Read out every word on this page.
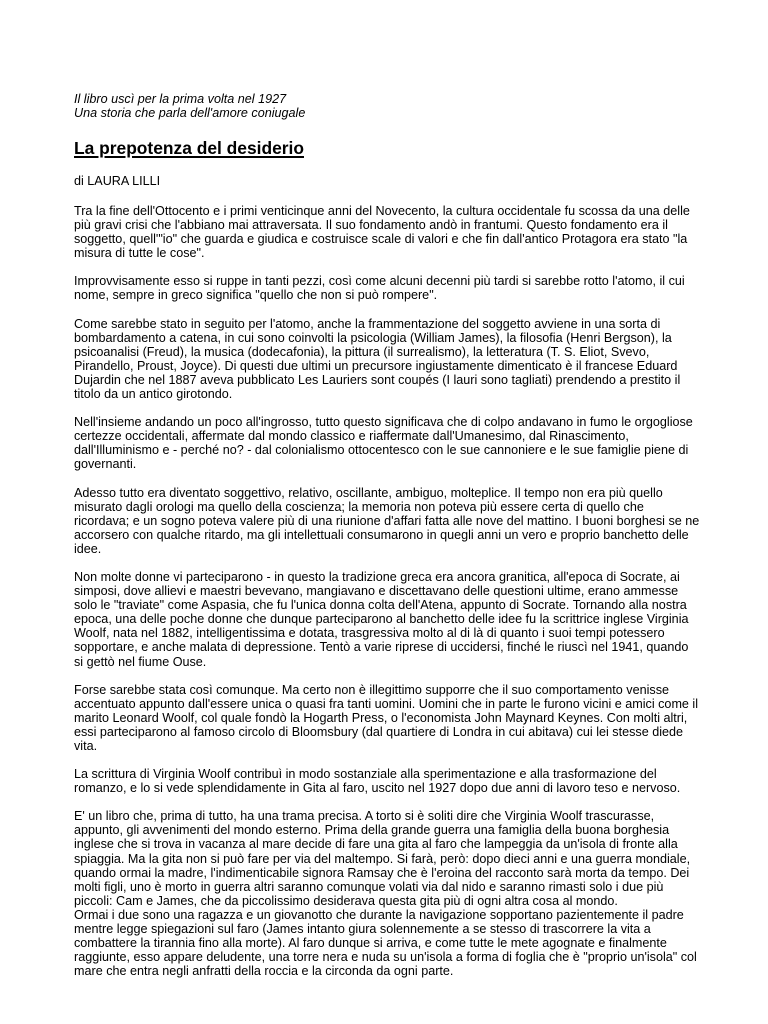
Il libro uscì per la prima volta nel 1927
Una storia che parla dell'amore coniugale
La prepotenza del desiderio
di LAURA LILLI

Tra la fine dell'Ottocento e i primi venticinque anni del Novecento, la cultura occidentale fu scossa da una delle più gravi crisi che l'abbiano mai attraversata. Il suo fondamento andò in frantumi. Questo fondamento era il soggetto, quell'"io" che guarda e giudica e costruisce scale di valori e che fin dall'antico Protagora era stato "la misura di tutte le cose".

Improvvisamente esso si ruppe in tanti pezzi, così come alcuni decenni più tardi si sarebbe rotto l'atomo, il cui nome, sempre in greco significa "quello che non si può rompere".

Come sarebbe stato in seguito per l'atomo, anche la frammentazione del soggetto avviene in una sorta di bombardamento a catena, in cui sono coinvolti la psicologia (William James), la filosofia (Henri Bergson), la psicoanalisi (Freud), la musica (dodecafonia), la pittura (il surrealismo), la letteratura (T. S. Eliot, Svevo, Pirandello, Proust, Joyce). Di questi due ultimi un precursore ingiustamente dimenticato è il francese Eduard Dujardin che nel 1887 aveva pubblicato Les Lauriers sont coupés (I lauri sono tagliati) prendendo a prestito il titolo da un antico girotondo.

Nell'insieme andando un poco all'ingrosso, tutto questo significava che di colpo andavano in fumo le orgogliose certezze occidentali, affermate dal mondo classico e riaffermate dall'Umanesimo, dal Rinascimento, dall'Illuminismo e - perché no? - dal colonialismo ottocentesco con le sue cannoniere e le sue famiglie piene di governanti.

Adesso tutto era diventato soggettivo, relativo, oscillante, ambiguo, molteplice. Il tempo non era più quello misurato dagli orologi ma quello della coscienza; la memoria non poteva più essere certa di quello che ricordava; e un sogno poteva valere più di una riunione d'affari fatta alle nove del mattino. I buoni borghesi se ne accorsero con qualche ritardo, ma gli intellettuali consumarono in quegli anni un vero e proprio banchetto delle idee.

Non molte donne vi parteciparono - in questo la tradizione greca era ancora granitica, all'epoca di Socrate, ai simposi, dove allievi e maestri bevevano, mangiavano e discettavano delle questioni ultime, erano ammesse solo le "traviate" come Aspasia, che fu l'unica donna colta dell'Atena, appunto di Socrate. Tornando alla nostra epoca, una delle poche donne che dunque parteciparono al banchetto delle idee fu la scrittrice inglese Virginia Woolf, nata nel 1882, intelligentissima e dotata, trasgressiva molto al di là di quanto i suoi tempi potessero sopportare, e anche malata di depressione. Tentò a varie riprese di uccidersi, finché le riuscì nel 1941, quando si gettò nel fiume Ouse.

Forse sarebbe stata così comunque. Ma certo non è illegittimo supporre che il suo comportamento venisse accentuato appunto dall'essere unica o quasi fra tanti uomini. Uomini che in parte le furono vicini e amici come il marito Leonard Woolf, col quale fondò la Hogarth Press, o l'economista John Maynard Keynes. Con molti altri, essi parteciparono al famoso circolo di Bloomsbury (dal quartiere di Londra in cui abitava) cui lei stesse diede vita.

La scrittura di Virginia Woolf contribuì in modo sostanziale alla sperimentazione e alla trasformazione del romanzo, e lo si vede splendidamente in Gita al faro, uscito nel 1927 dopo due anni di lavoro teso e nervoso.

E' un libro che, prima di tutto, ha una trama precisa. A torto si è soliti dire che Virginia Woolf trascurasse, appunto, gli avvenimenti del mondo esterno. Prima della grande guerra una famiglia della buona borghesia inglese che si trova in vacanza al mare decide di fare una gita al faro che lampeggia da un'isola di fronte alla spiaggia. Ma la gita non si può fare per via del maltempo. Si farà, però: dopo dieci anni e una guerra mondiale, quando ormai la madre, l'indimenticabile signora Ramsay che è l'eroina del racconto sarà morta da tempo. Dei molti figli, uno è morto in guerra altri saranno comunque volati via dal nido e saranno rimasti solo i due più piccoli: Cam e James, che da piccolissimo desiderava questa gita più di ogni altra cosa al mondo.

Ormai i due sono una ragazza e un giovanotto che durante la navigazione sopportano pazientemente il padre mentre legge spiegazioni sul faro (James intanto giura solennemente a se stesso di trascorrere la vita a combattere la tirannia fino alla morte). Al faro dunque si arriva, e come tutte le mete agognate e finalmente raggiunte, esso appare deludente, una torre nera e nuda su un'isola a forma di foglia che è "proprio un'isola" col mare che entra negli anfratti della roccia e la circonda da ogni parte.
